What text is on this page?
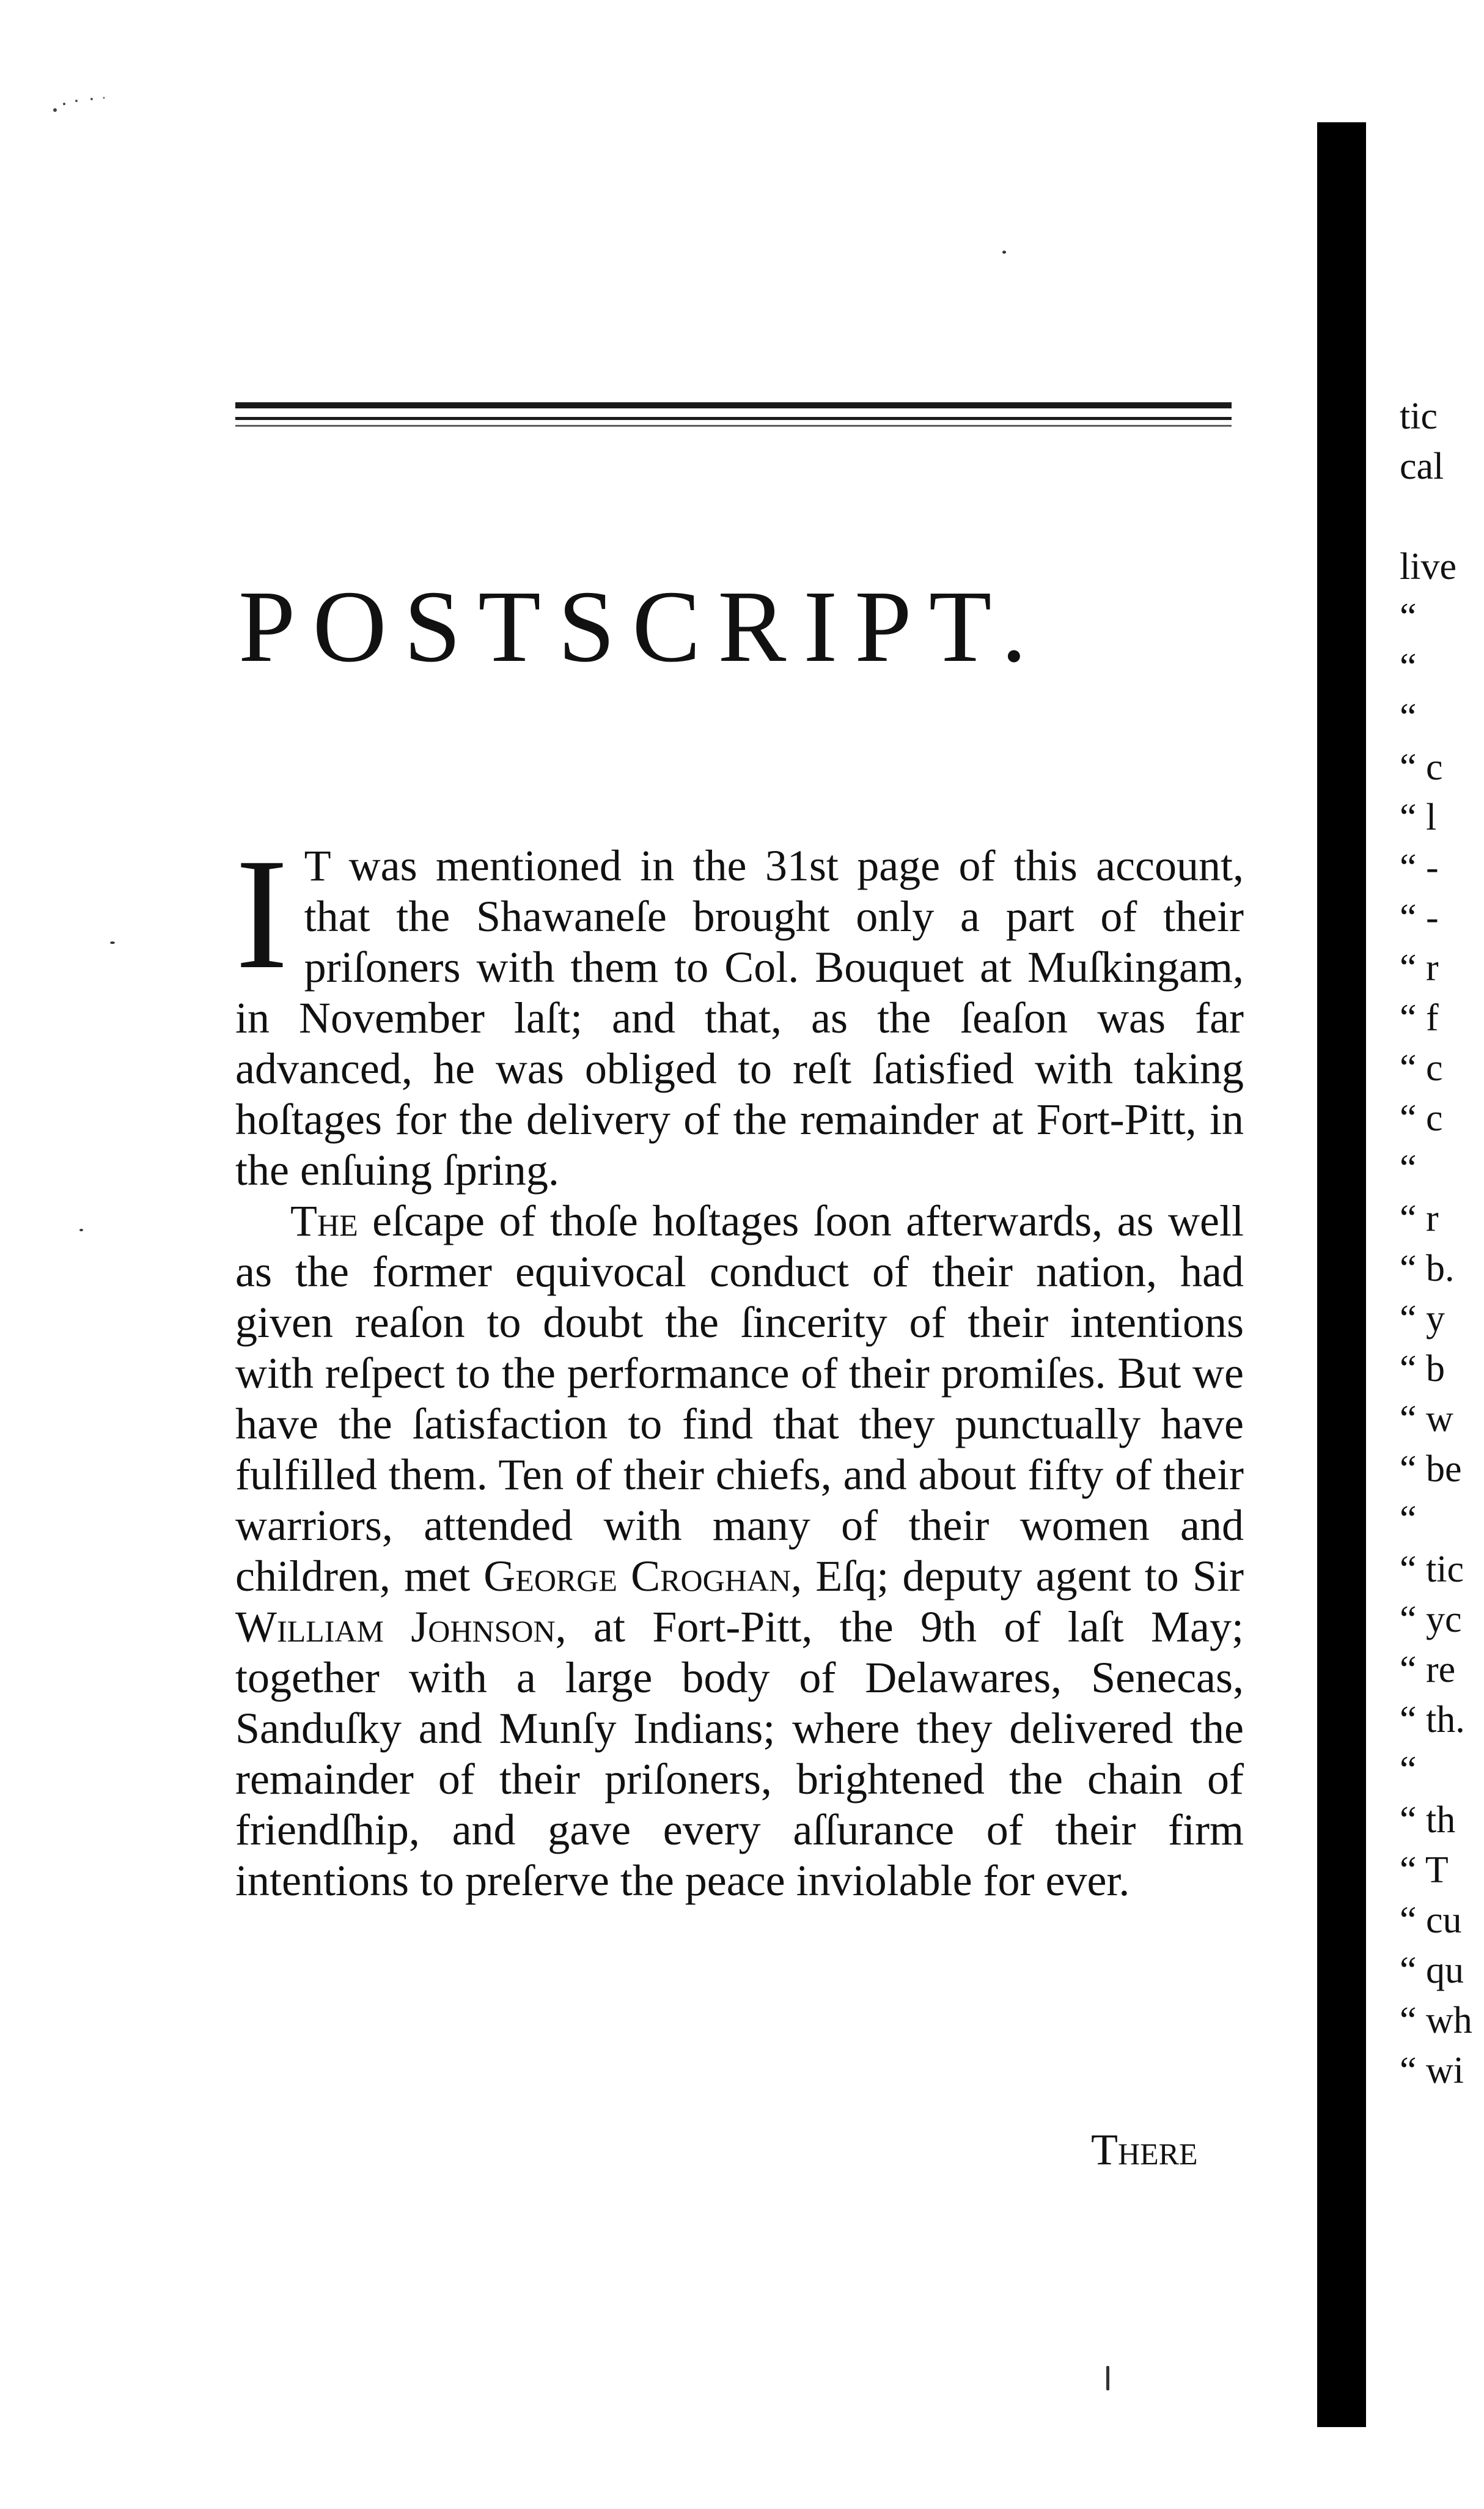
POSTSCRIPT.

I T was mentioned in the 31st page of this account, that the Shawaneſe brought only a part of their priſoners with them to Col. Bouquet at Muſkingam, in November laſt; and that, as the ſeaſon was far advanced, he was obliged to reſt ſatisfied with taking hoſtages for the delivery of the remainder at Fort-Pitt, in the enſuing ſpring.

The eſcape of thoſe hoſtages ſoon afterwards, as well as the former equivocal conduct of their nation, had given reaſon to doubt the ſincerity of their intentions with reſpect to the performance of their promiſes. But we have the ſatisfaction to find that they punctually have fulfilled them. Ten of their chiefs, and about fifty of their warriors, attended with many of their women and children, met George Croghan, Eſq; deputy agent to Sir William Johnson, at Fort-Pitt, the 9th of laſt May; together with a large body of Delawares, Senecas, Sanduſky and Munſy Indians; where they delivered the remainder of their priſoners, brightened the chain of friendſhip, and gave every aſſurance of their firm intentions to preſerve the peace inviolable for ever.

There
tic
cal

live
“
“
“
“ c
“ l
“ -
“ -
“ r
“ f
“ c
“ c
“
“ r
“ b.
“ y
“ b
“ w
“ be
“
“ tic
“ yc
“ re
“ th.
“
“ th
“ T
“ cu
“ qu
“ wh
“ wi
